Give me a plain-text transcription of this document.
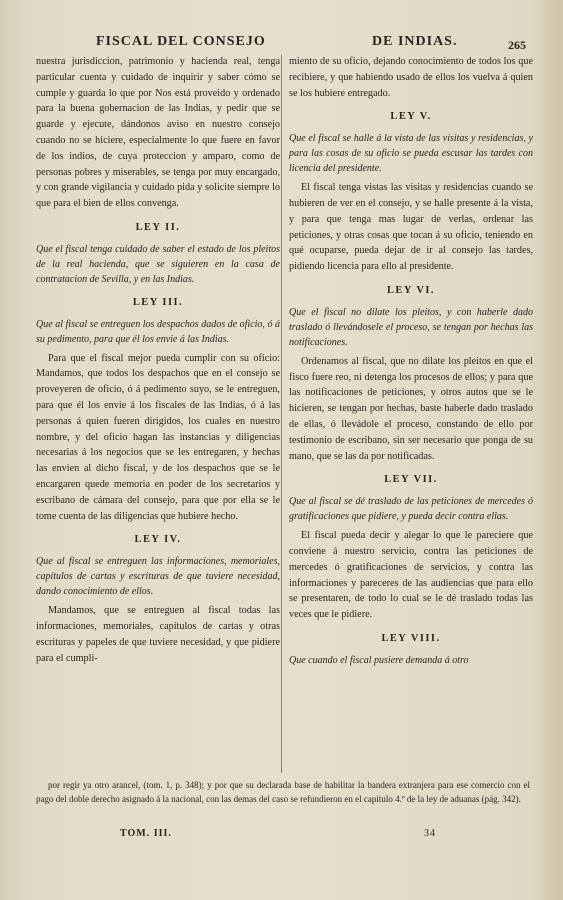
FISCAL DEL CONSEJO	DE INDIAS.	265

nuestra jurisdiccion, patrimonio y hacienda real, tenga particular cuenta y cuidado de inquirir y saber cómo se cumple y guarda lo que por Nos está proveido y ordenado para la buena gobernacion de las Indias, y pedir que se guarde y ejecute, dándonos aviso en nuestro consejo cuando no se hiciere, especialmente lo que fuere en favor de los indios, de cuya proteccion y amparo, como de personas pobres y miserables, se tenga por muy encargado, y con grande vigilancia y cuidado pida y solicite siempre lo que para el bien de ellos convenga.

LEY II.

Que el fiscal tenga cuidado de saber el estado de los pleitos de la real hacienda, que se siguieren en la casa de contratacion de Sevilla, y en las Indias.

LEY III.

Que al fiscal se entreguen los despachos dados de oficio, ó á su pedimento, para que él los envie á las Indias.

Para que el fiscal mejor pueda cumplir con su oficio: Mandamos, que todos los despachos que en el consejo se proveyeren de oficio, ó á pedimento suyo, se le entreguen, para que él los envie á los fiscales de las Indias, ó á las personas á quien fueren dirigidos, los cuales en nuestro nombre, y del oficio hagan las instancias y diligencias necesarias á los negocios que se les entregaren, y hechas las envien al dicho fiscal, y de los despachos que se le encargaren quede memoria en poder de los secretarios y escribano de cámara del consejo, para que por ella se le tome cuenta de las diligencias que hubiere hecho.

LEY IV.

Que al fiscal se entreguen las informaciones, memoriales, capítulos de cartas y escrituras de que tuviere necesidad, dando conocimiento de ellos.

Mandamos, que se entreguen al fiscal todas las informaciones, memoriales, capítulos de cartas y otras escrituras y papeles de que tuviere necesidad, y que pidiere para el cumpli-

miento de su oficio, dejando conocimiento de todos los que recibiere, y que habiendo usado de ellos los vuelva á quien se los hubiere entregado.

LEY V.

Que el fiscal se halle á la vista de las visitas y residencias, y para las cosas de su oficio se pueda escusar las tardes con licencia del presidente.

El fiscal tenga vistas las visitas y residencias cuando se hubieren de ver en el consejo, y se halle presente á la vista, y para que tenga mas lugar de verlas, ordenar las peticiones, y otras cosas que tocan á su oficio, teniendo en qué ocuparse, pueda dejar de ir al consejo las tardes, pidiendo licencia para ello al presidente.

LEY VI.

Que el fiscal no dilate los pleitos, y con haberle dado traslado ó llevándosele el proceso, se tengan por hechas las notificaciones.

Ordenamos al fiscal, que no dilate los pleitos en que el fisco fuere reo, ni detenga los procesos de ellos; y para que las notificaciones de peticiones, y otros autos que se le hicieren, se tengan por hechas, baste haberle dado traslado de ellas, ó llevádole el proceso, constando de ello por testimonio de escribano, sin ser necesario que ponga de su mano, que se las da por notificadas.

LEY VII.

Que al fiscal se dé traslado de las peticiones de mercedes ó gratificaciones que pidiere, y pueda decir contra ellas.

El fiscal pueda decir y alegar lo que le pareciere que conviene á nuestro servicio, contra las peticiones de mercedes ó gratificaciones de servicios, y contra las informaciones y pareceres de las audiencias que para ello se presentaren, de todo lo cual se le dé traslado todas las veces que le pidiere.

LEY VIII.

Que cuando el fiscal pusiere demanda á otro

por regir ya otro arancel, (tom. 1, p. 348); y por que su declarada base de habilitar la bandera extranjera para ese comercio con el pago del doble derecho asignado á la nacional, con las demas del caso se refundieron en el capítulo 4.º de la ley de aduanas (pág. 342).

TOM. III.	34
